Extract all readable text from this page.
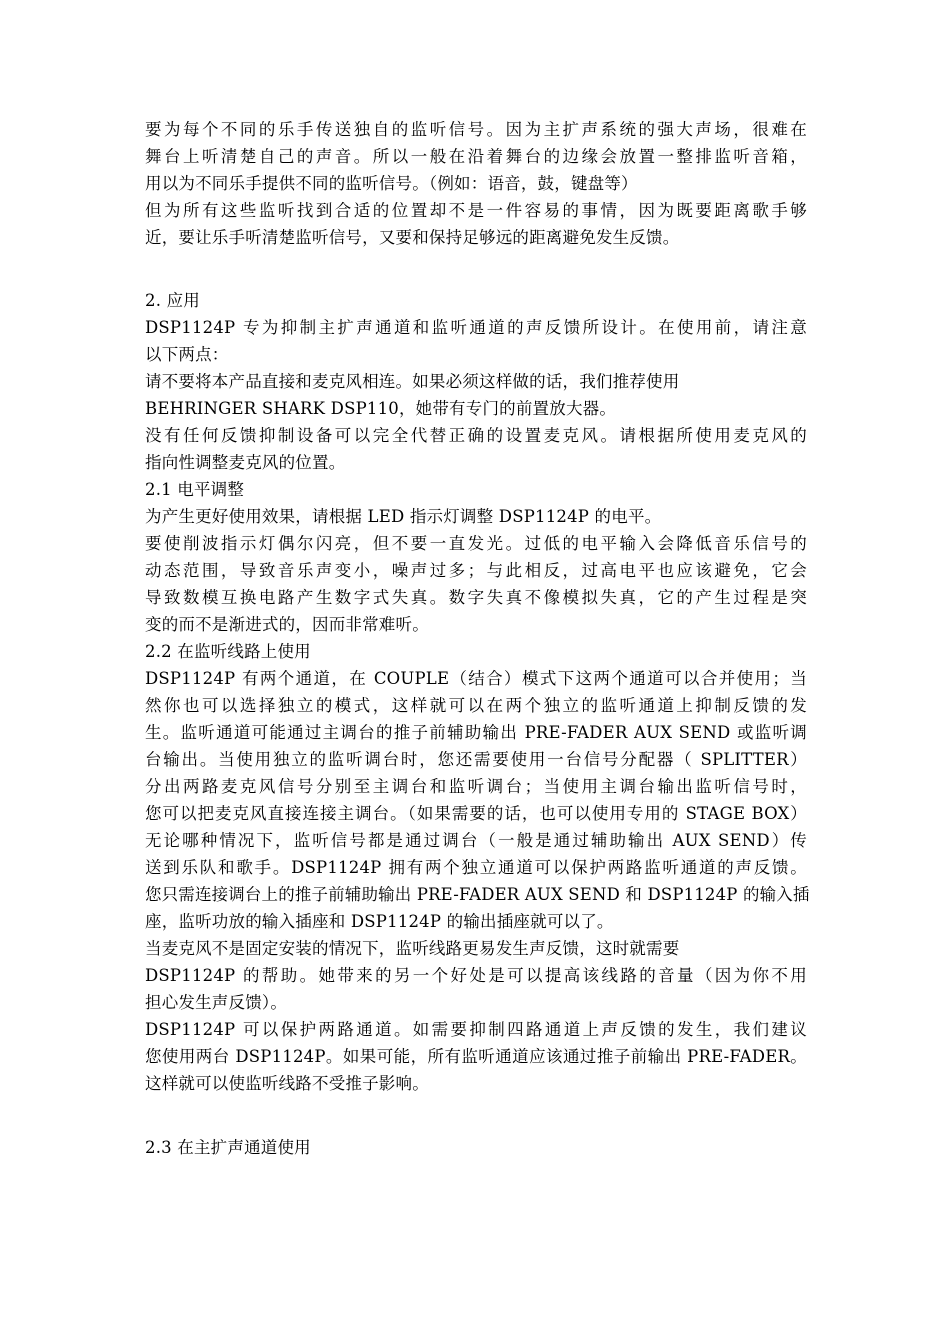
要为每个不同的乐手传送独自的监听信号。因为主扩声系统的强大声场，很难在
舞台上听清楚自己的声音。所以一般在沿着舞台的边缘会放置一整排监听音箱，
用以为不同乐手提供不同的监听信号。（例如：语音，鼓，键盘等）
但为所有这些监听找到合适的位置却不是一件容易的事情，因为既要距离歌手够
近，要让乐手听清楚监听信号，又要和保持足够远的距离避免发生反馈。
2. 应用
DSP1124P 专为抑制主扩声通道和监听通道的声反馈所设计。在使用前，请注意
以下两点：
请不要将本产品直接和麦克风相连。如果必须这样做的话，我们推荐使用
BEHRINGER SHARK DSP110，她带有专门的前置放大器。
没有任何反馈抑制设备可以完全代替正确的设置麦克风。请根据所使用麦克风的
指向性调整麦克风的位置。
2.1 电平调整
为产生更好使用效果，请根据 LED 指示灯调整 DSP1124P 的电平。
要使削波指示灯偶尔闪亮，但不要一直发光。过低的电平输入会降低音乐信号的
动态范围，导致音乐声变小，噪声过多；与此相反，过高电平也应该避免，它会
导致数模互换电路产生数字式失真。数字失真不像模拟失真，它的产生过程是突
变的而不是渐进式的，因而非常难听。
2.2 在监听线路上使用
DSP1124P 有两个通道，在 COUPLE（结合）模式下这两个通道可以合并使用；当
然你也可以选择独立的模式，这样就可以在两个独立的监听通道上抑制反馈的发
生。监听通道可能通过主调台的推子前辅助输出 PRE-FADER AUX SEND 或监听调
台输出。当使用独立的监听调台时，您还需要使用一台信号分配器（ SPLITTER）
分出两路麦克风信号分别至主调台和监听调台；当使用主调台输出监听信号时，
您可以把麦克风直接连接主调台。（如果需要的话，也可以使用专用的 STAGE BOX）
无论哪种情况下，监听信号都是通过调台（一般是通过辅助输出 AUX SEND）传
送到乐队和歌手。DSP1124P 拥有两个独立通道可以保护两路监听通道的声反馈。
您只需连接调台上的推子前辅助输出 PRE-FADER AUX SEND 和 DSP1124P 的输入插
座，监听功放的输入插座和 DSP1124P 的输出插座就可以了。
当麦克风不是固定安装的情况下，监听线路更易发生声反馈，这时就需要
DSP1124P 的帮助。她带来的另一个好处是可以提高该线路的音量（因为你不用
担心发生声反馈）。
DSP1124P 可以保护两路通道。如需要抑制四路通道上声反馈的发生，我们建议
您使用两台 DSP1124P。如果可能，所有监听通道应该通过推子前输出 PRE-FADER。
这样就可以使监听线路不受推子影响。
2.3 在主扩声通道使用
